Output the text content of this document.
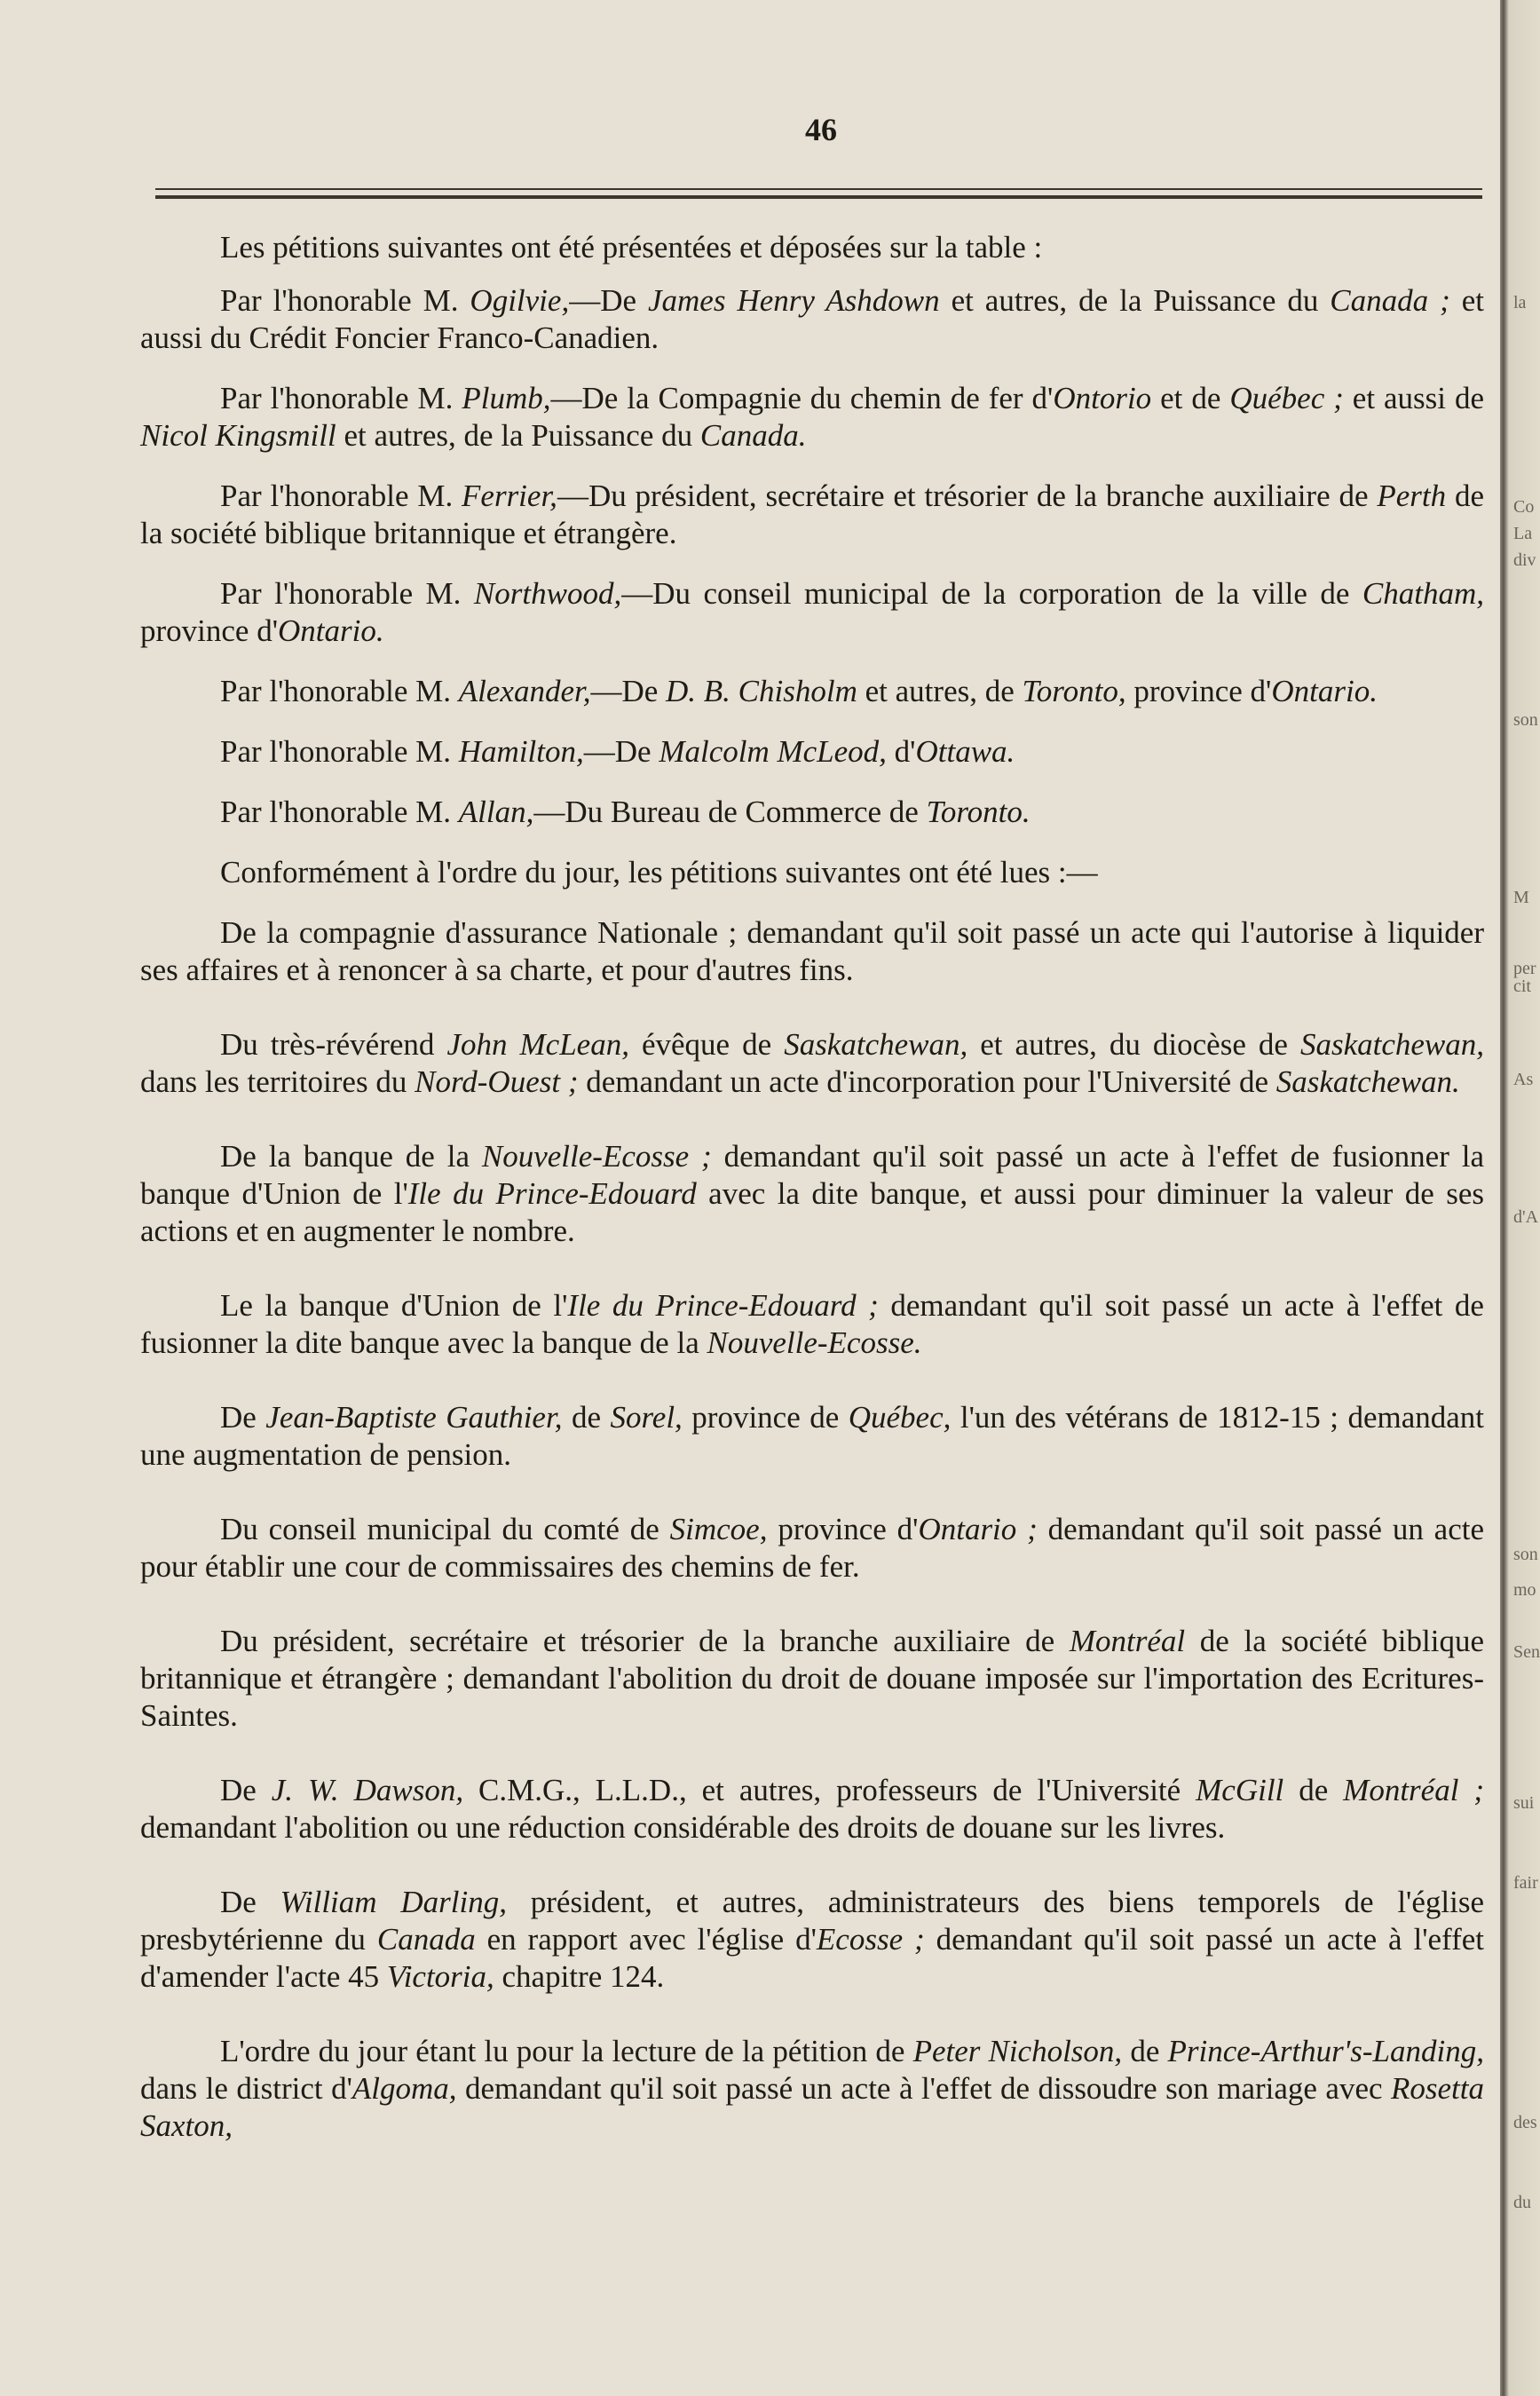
la
Co
La
div
son
M
per
cit
As
d'A
son
mo
Sen
sui
fair
des
du
46

Les pétitions suivantes ont été présentées et déposées sur la table :

Par l'honorable M. Ogilvie,—De James Henry Ashdown et autres, de la Puissance du Canada ; et aussi du Crédit Foncier Franco-Canadien.

Par l'honorable M. Plumb,—De la Compagnie du chemin de fer d'Ontorio et de Québec ; et aussi de Nicol Kingsmill et autres, de la Puissance du Canada.

Par l'honorable M. Ferrier,—Du président, secrétaire et trésorier de la branche auxiliaire de Perth de la société biblique britannique et étrangère.

Par l'honorable M. Northwood,—Du conseil municipal de la corporation de la ville de Chatham, province d'Ontario.

Par l'honorable M. Alexander,—De D. B. Chisholm et autres, de Toronto, province d'Ontario.

Par l'honorable M. Hamilton,—De Malcolm McLeod, d'Ottawa.

Par l'honorable M. Allan,—Du Bureau de Commerce de Toronto.

Conformément à l'ordre du jour, les pétitions suivantes ont été lues :—

De la compagnie d'assurance Nationale ; demandant qu'il soit passé un acte qui l'autorise à liquider ses affaires et à renoncer à sa charte, et pour d'autres fins.

Du très-révérend John McLean, évêque de Saskatchewan, et autres, du diocèse de Saskatchewan, dans les territoires du Nord-Ouest ; demandant un acte d'incorporation pour l'Université de Saskatchewan.

De la banque de la Nouvelle-Ecosse ; demandant qu'il soit passé un acte à l'effet de fusionner la banque d'Union de l'Ile du Prince-Edouard avec la dite banque, et aussi pour diminuer la valeur de ses actions et en augmenter le nombre.

Le la banque d'Union de l'Ile du Prince-Edouard ; demandant qu'il soit passé un acte à l'effet de fusionner la dite banque avec la banque de la Nouvelle-Ecosse.

De Jean-Baptiste Gauthier, de Sorel, province de Québec, l'un des vétérans de 1812-15 ; demandant une augmentation de pension.

Du conseil municipal du comté de Simcoe, province d'Ontario ; demandant qu'il soit passé un acte pour établir une cour de commissaires des chemins de fer.

Du président, secrétaire et trésorier de la branche auxiliaire de Montréal de la société biblique britannique et étrangère ; demandant l'abolition du droit de douane imposée sur l'importation des Ecritures-Saintes.

De J. W. Dawson, C.M.G., L.L.D., et autres, professeurs de l'Université McGill de Montréal ; demandant l'abolition ou une réduction considérable des droits de douane sur les livres.

De William Darling, président, et autres, administrateurs des biens temporels de l'église presbytérienne du Canada en rapport avec l'église d'Ecosse ; demandant qu'il soit passé un acte à l'effet d'amender l'acte 45 Victoria, chapitre 124.

L'ordre du jour étant lu pour la lecture de la pétition de Peter Nicholson, de Prince-Arthur's-Landing, dans le district d'Algoma, demandant qu'il soit passé un acte à l'effet de dissoudre son mariage avec Rosetta Saxton,
